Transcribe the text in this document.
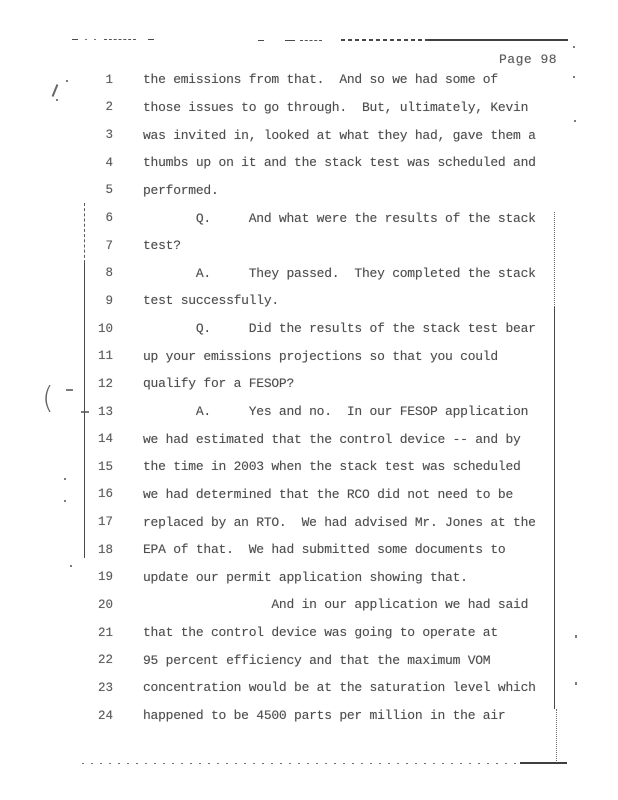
Page 98
(
1 the emissions from that.  And so we had some of
2 those issues to go through.  But, ultimately, Kevin
3 was invited in, looked at what they had, gave them a
4 thumbs up on it and the stack test was scheduled and
5 performed.
6 Q.     And what were the results of the stack
7 test?
8 A.     They passed.  They completed the stack
9 test successfully.
10 Q.     Did the results of the stack test bear
11 up your emissions projections so that you could
12 qualify for a FESOP?
13 A.     Yes and no.  In our FESOP application
14 we had estimated that the control device -- and by
15 the time in 2003 when the stack test was scheduled
16 we had determined that the RCO did not need to be
17 replaced by an RTO.  We had advised Mr. Jones at the
18 EPA of that.  We had submitted some documents to
19 update our permit application showing that.
20 And in our application we had said
21 that the control device was going to operate at
22 95 percent efficiency and that the maximum VOM
23 concentration would be at the saturation level which
24 happened to be 4500 parts per million in the air
